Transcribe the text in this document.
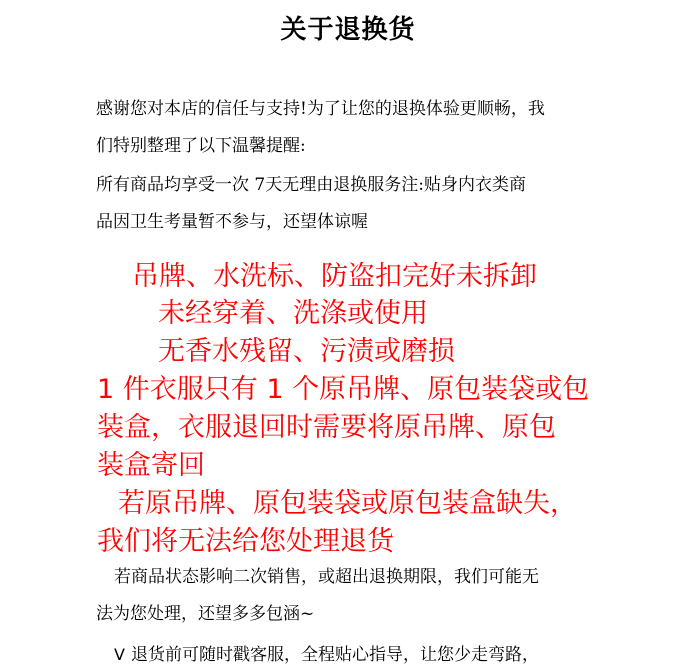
关于退换货
感谢您对本店的信任与支持!为了让您的退换体验更顺畅，我
们特别整理了以下温馨提醒:
所有商品均享受一次 7天无理由退换服务注:贴身内衣类商
品因卫生考量暂不参与，还望体谅喔
吊牌、水洗标、防盗扣完好未拆卸
未经穿着、洗涤或使用
无香水残留、污渍或磨损
1 件衣服只有 1 个原吊牌、原包装袋或包
装盒，衣服退回时需要将原吊牌、原包
装盒寄回
若原吊牌、原包装袋或原包装盒缺失，
我们将无法给您处理退货
若商品状态影响二次销售，或超出退换期限，我们可能无
法为您处理，还望多多包涵~
V 退货前可随时戳客服，全程贴心指导，让您少走弯路，
